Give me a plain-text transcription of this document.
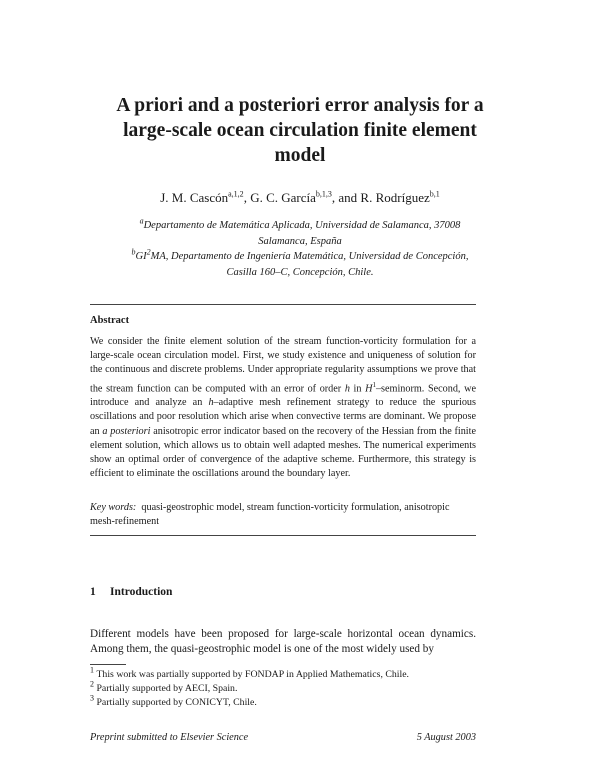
A priori and a posteriori error analysis for a
large-scale ocean circulation finite element
model
J. M. Cascón$^{a,1,2}$, G. C. García$^{b,1,3}$, and R. Rodríguez$^{b,1}$
$^a$Departamento de Matemática Aplicada, Universidad de Salamanca, 37008
Salamanca, España
$^bGI^2MA$, Departamento de Ingeniería Matemática, Universidad de Concepción,
Casilla 160–C, Concepción, Chile.
Abstract
We consider the finite element solution of the stream function-vorticity formulation for a large-scale ocean circulation model. First, we study existence and uniqueness of solution for the continuous and discrete problems. Under appropriate regularity assumptions we prove that the stream function can be computed with an error of order h in $H^1$–seminorm. Second, we introduce and analyze an h–adaptive mesh refinement strategy to reduce the spurious oscillations and poor resolution which arise when convective terms are dominant. We propose an a posteriori anisotropic error indicator based on the recovery of the Hessian from the finite element solution, which allows us to obtain well adapted meshes. The numerical experiments show an optimal order of convergence of the adaptive scheme. Furthermore, this strategy is efficient to eliminate the oscillations around the boundary layer.
Key words: quasi-geostrophic model, stream function-vorticity formulation, anisotropic mesh-refinement
1 Introduction
Different models have been proposed for large-scale horizontal ocean dynamics. Among them, the quasi-geostrophic model is one of the most widely used by
$^1$ This work was partially supported by FONDAP in Applied Mathematics, Chile.
$^2$ Partially supported by AECI, Spain.
$^3$ Partially supported by CONICYT, Chile.
Preprint submitted to Elsevier Science	5 August 2003
